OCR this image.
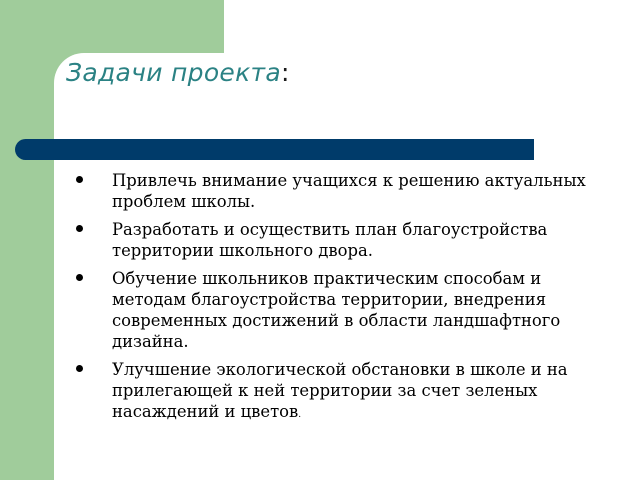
Задачи проекта:
Привлечь внимание учащихся к решению актуальных проблем школы.
Разработать и осуществить план благоустройства территории школьного двора.
Обучение школьников практическим способам и методам благоустройства территории, внедрения современных достижений в области ландшафтного дизайна.
Улучшение экологической обстановки в школе и на прилегающей к ней территории за счет зеленых насаждений и цветов.
